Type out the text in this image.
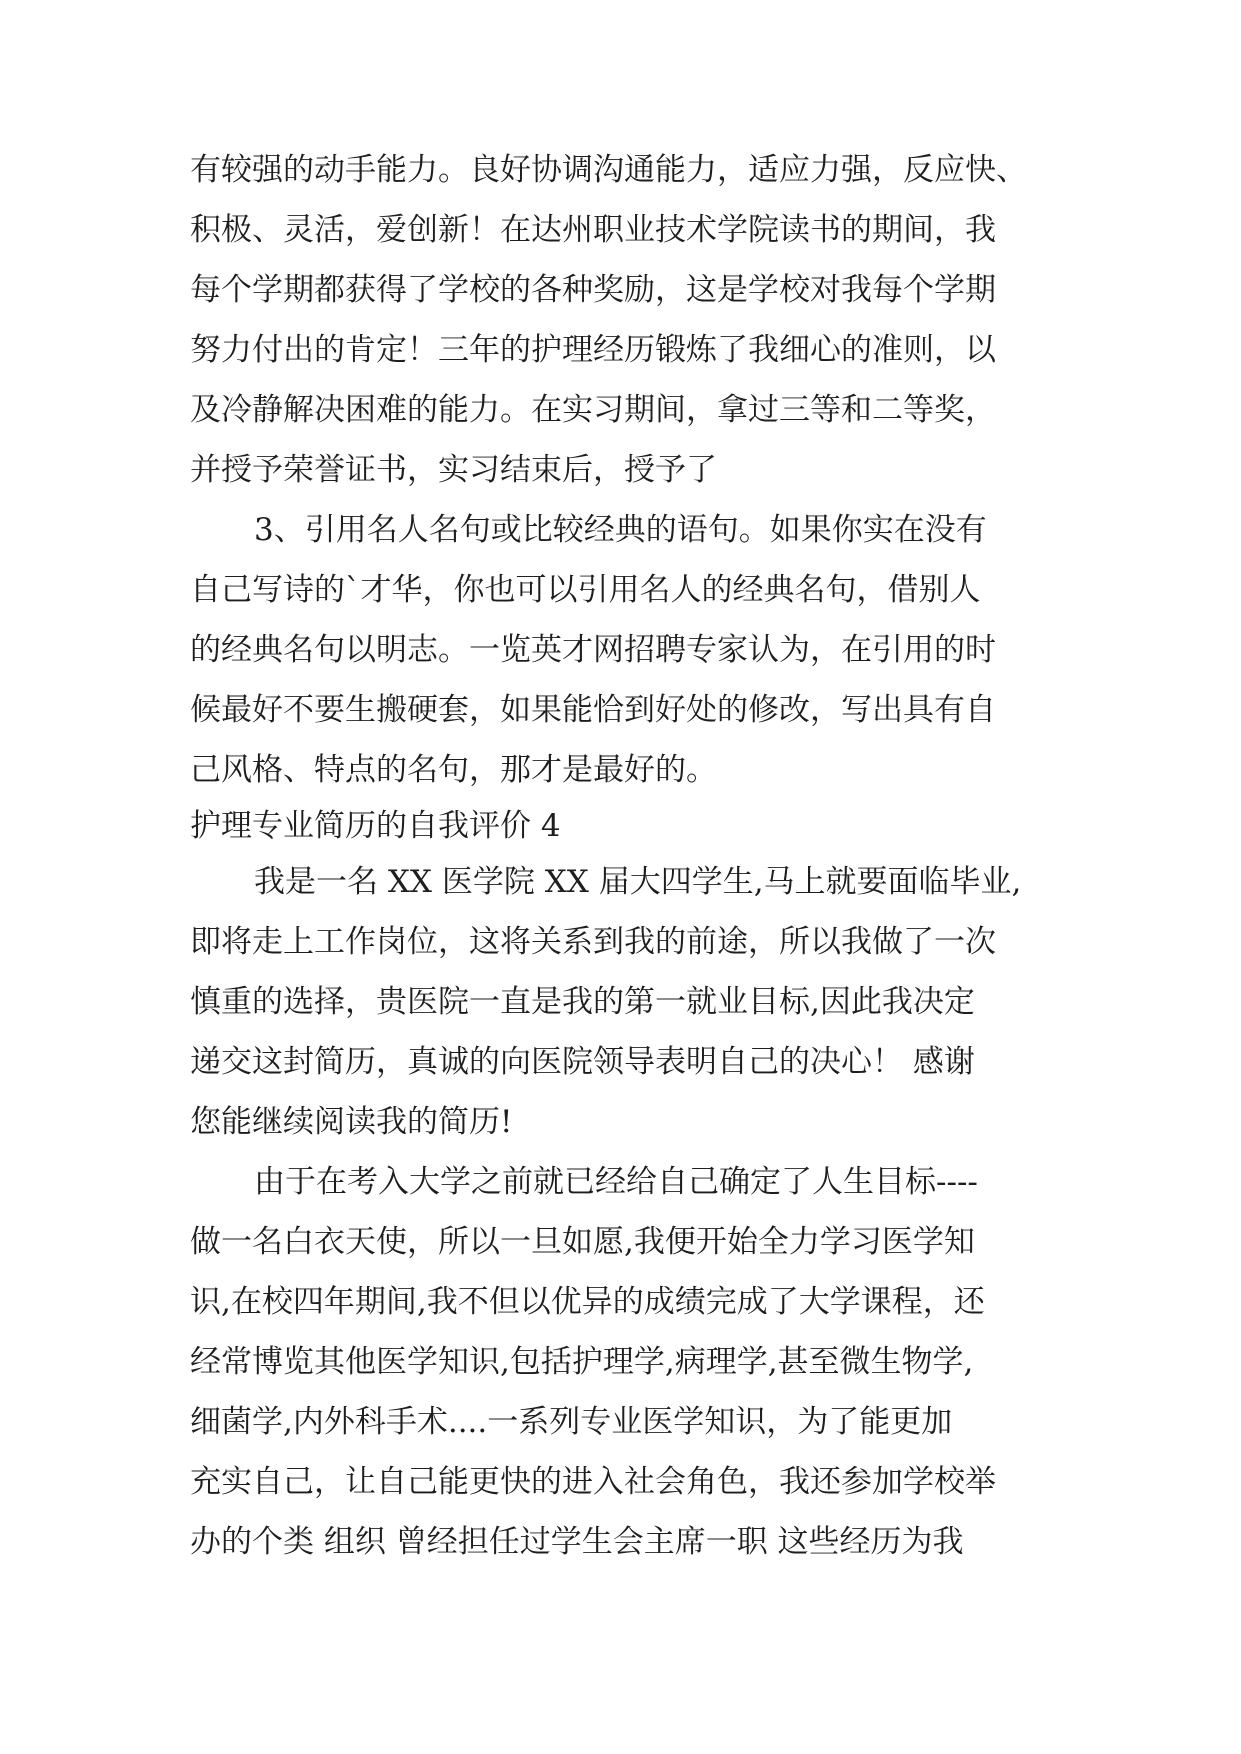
有较强的动手能力。良好协调沟通能力，适应力强，反应快、
积极、灵活，爱创新！在达州职业技术学院读书的期间，我
每个学期都获得了学校的各种奖励，这是学校对我每个学期
努力付出的肯定！三年的护理经历锻炼了我细心的准则，以
及冷静解决困难的能力。在实习期间，拿过三等和二等奖，
并授予荣誉证书，实习结束后，授予了
3、引用名人名句或比较经典的语句。如果你实在没有
自己写诗的`才华，你也可以引用名人的经典名句，借别人
的经典名句以明志。一览英才网招聘专家认为，在引用的时
候最好不要生搬硬套，如果能恰到好处的修改，写出具有自
己风格、特点的名句，那才是最好的。
护理专业简历的自我评价 4
我是一名 XX 医学院 XX 届大四学生,马上就要面临毕业,
即将走上工作岗位，这将关系到我的前途，所以我做了一次
慎重的选择，贵医院一直是我的第一就业目标,因此我决定
递交这封简历，真诚的向医院领导表明自己的决心！ 感谢
您能继续阅读我的简历!
由于在考入大学之前就已经给自己确定了人生目标----
做一名白衣天使，所以一旦如愿,我便开始全力学习医学知
识,在校四年期间,我不但以优异的成绩完成了大学课程，还
经常博览其他医学知识,包括护理学,病理学,甚至微生物学,
细菌学,内外科手术....一系列专业医学知识，为了能更加
充实自己，让自己能更快的进入社会角色，我还参加学校举
办的个类 组织 曾经担任过学生会主席一职 这些经历为我
